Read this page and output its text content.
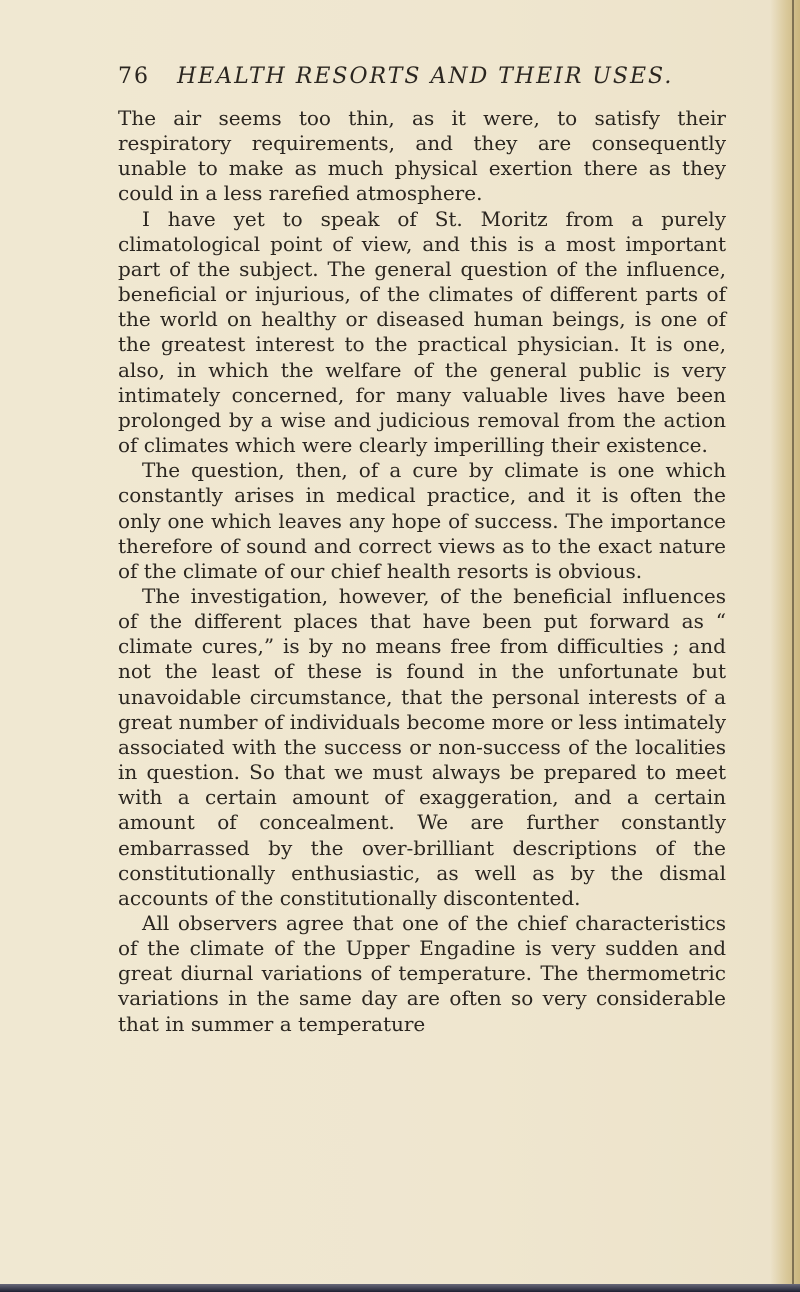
76 HEALTH RESORTS AND THEIR USES.

The air seems too thin, as it were, to satisfy their respiratory requirements, and they are consequently unable to make as much physical exertion there as they could in a less rarefied atmosphere.

I have yet to speak of St. Moritz from a purely climatological point of view, and this is a most important part of the subject. The general question of the influence, beneficial or injurious, of the climates of different parts of the world on healthy or diseased human beings, is one of the greatest interest to the practical physician. It is one, also, in which the welfare of the general public is very intimately concerned, for many valuable lives have been prolonged by a wise and judicious removal from the action of climates which were clearly imperilling their existence.

The question, then, of a cure by climate is one which constantly arises in medical practice, and it is often the only one which leaves any hope of success. The importance therefore of sound and correct views as to the exact nature of the climate of our chief health resorts is obvious.

The investigation, however, of the beneficial influences of the different places that have been put forward as “ climate cures,” is by no means free from difficulties ; and not the least of these is found in the unfortunate but unavoidable circumstance, that the personal interests of a great number of individuals become more or less intimately associated with the success or non-success of the localities in question. So that we must always be prepared to meet with a certain amount of exaggeration, and a certain amount of concealment. We are further constantly embarrassed by the over-brilliant descriptions of the constitutionally enthusiastic, as well as by the dismal accounts of the constitutionally discontented.

All observers agree that one of the chief characteristics of the climate of the Upper Engadine is very sudden and great diurnal variations of temperature. The thermometric variations in the same day are often so very considerable that in summer a temperature
